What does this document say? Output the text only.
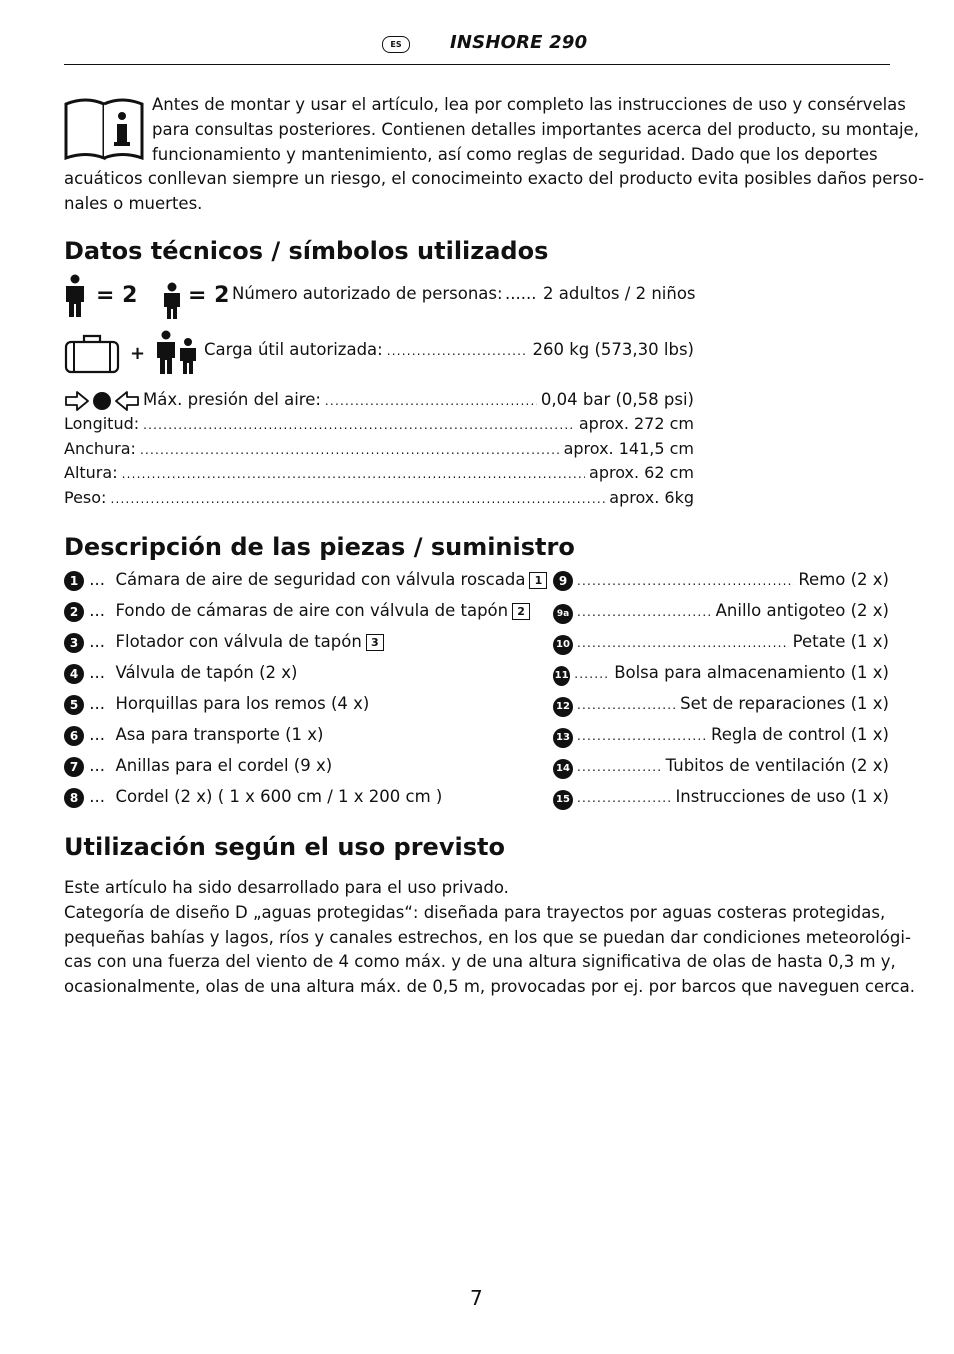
ES	INSHORE 290
Antes de montar y usar el artículo, lea por completo las instrucciones de uso y consérvelas
para consultas posteriores. Contienen detalles importantes acerca del producto, su montaje,
funcionamiento y mantenimiento, así como reglas de seguridad. Dado que los deportes
acuáticos conllevan siempre un riesgo, el conocimeinto exacto del producto evita posibles daños perso-
nales o muertes.
Datos técnicos / símbolos utilizados
= 2 = 2 Número autorizado de personas: ...... 2 adultos / 2 niños
+	Carga útil autorizada: .....	260 kg (573,30 lbs)
Máx. presión del aire: .....	0,04 bar (0,58 psi)
Longitud: .....	aprox. 272 cm
Anchura: .....	aprox. 141,5 cm
Altura: .....	aprox. 62 cm
Peso: .....	aprox. 6kg
Descripción de las piezas / suministro
1 ... Cámara de aire de seguridad con válvula roscada 1
2 ... Fondo de cámaras de aire con válvula de tapón 2
3 ... Flotador con válvula de tapón 3
4 ... Válvula de tapón (2 x)
5 ... Horquillas para los remos (4 x)
6 ... Asa para transporte (1 x)
7 ... Anillas para el cordel (9 x)
8 ... Cordel (2 x) ( 1 x 600 cm / 1 x 200 cm )
9 .....	Remo (2 x)
9a .....	Anillo antigoteo (2 x)
10 .....	Petate (1 x)
11 .....	Bolsa para almacenamiento (1 x)
12 .....	Set de reparaciones (1 x)
13 .....	Regla de control (1 x)
14 .....	Tubitos de ventilación (2 x)
15 .....	Instrucciones de uso (1 x)
Utilización según el uso previsto
Este artículo ha sido desarrollado para el uso privado.
Categoría de diseño D „aguas protegidas“: diseñada para trayectos por aguas costeras protegidas,
pequeñas bahías y lagos, ríos y canales estrechos, en los que se puedan dar condiciones meteorológi-
cas con una fuerza del viento de 4 como máx. y de una altura significativa de olas de hasta 0,3 m y,
ocasionalmente, olas de una altura máx. de 0,5 m, provocadas por ej. por barcos que naveguen cerca.
7
